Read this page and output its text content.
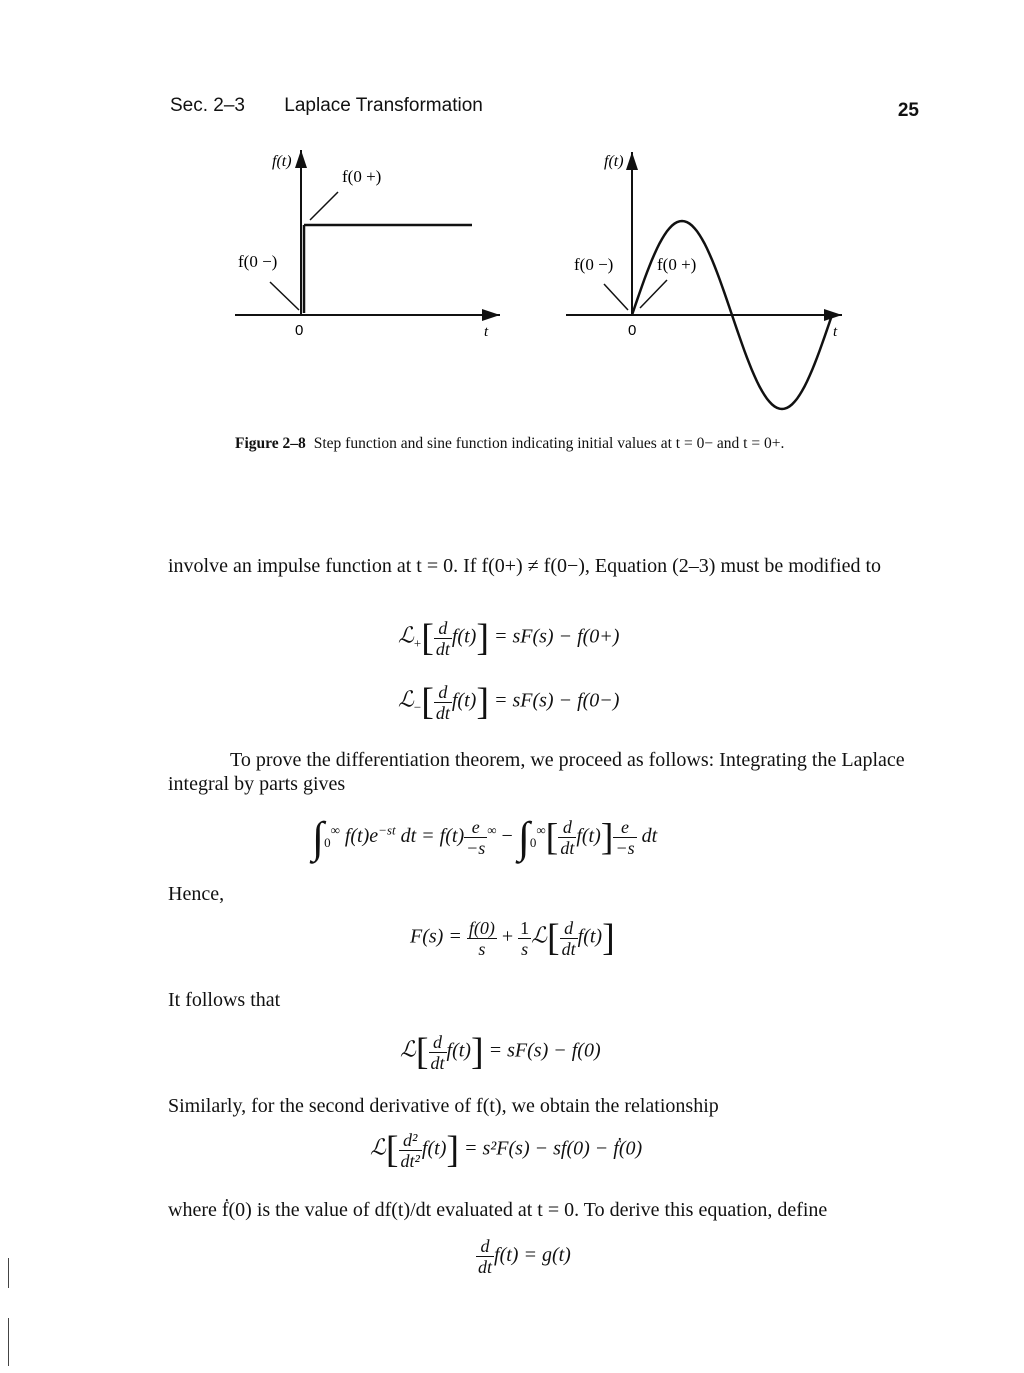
Sec. 2–3 Laplace Transformation	25
f(t)
f(0 +)
f(0 −)
0	t
f(t)
f(0 −)	f(0 +)
0	t
Figure 2–8 Step function and sine function indicating initial values at t = 0− and t = 0+.
involve an impulse function at t = 0. If f(0+) ≠ f(0−), Equation (2–3) must be modified to
ℒ$_+$[ $\frac{d}{dt} f(t)] = sF(s) - f(0+)$
ℒ$_-$[ $\frac{d}{dt} f(t)] = sF(s) - f(0-)$
To prove the differentiation theorem, we proceed as follows: Integrating the Laplace integral by parts gives
$\int_0^\infty$ $f(t)e^{-st}$ dt = $f(t) \frac{e}{-s} ^\infty - \int_0^\infty[ \frac{d}{dt} f(t)] \frac{e}{-s}$ dt
Hence,
$F(s) = \frac{f(0)}{s} + \frac{1}{s}$ ℒ[ $\frac{d}{dt} f(t)$]
It follows that
ℒ[ $\frac{d}{dt} f(t)] = sF(s) - f(0)$
Similarly, for the second derivative of f(t), we obtain the relationship
ℒ[ $\frac{\text{d²}}{\text{dt²}} f(t)] = s^2F(s) - sf(0)$ − ḟ(0)
where ḟ(0) is the value of df(t)/dt evaluated at t = 0. To derive this equation, define
$\frac{d}{dt} f(t) = g(t)$
